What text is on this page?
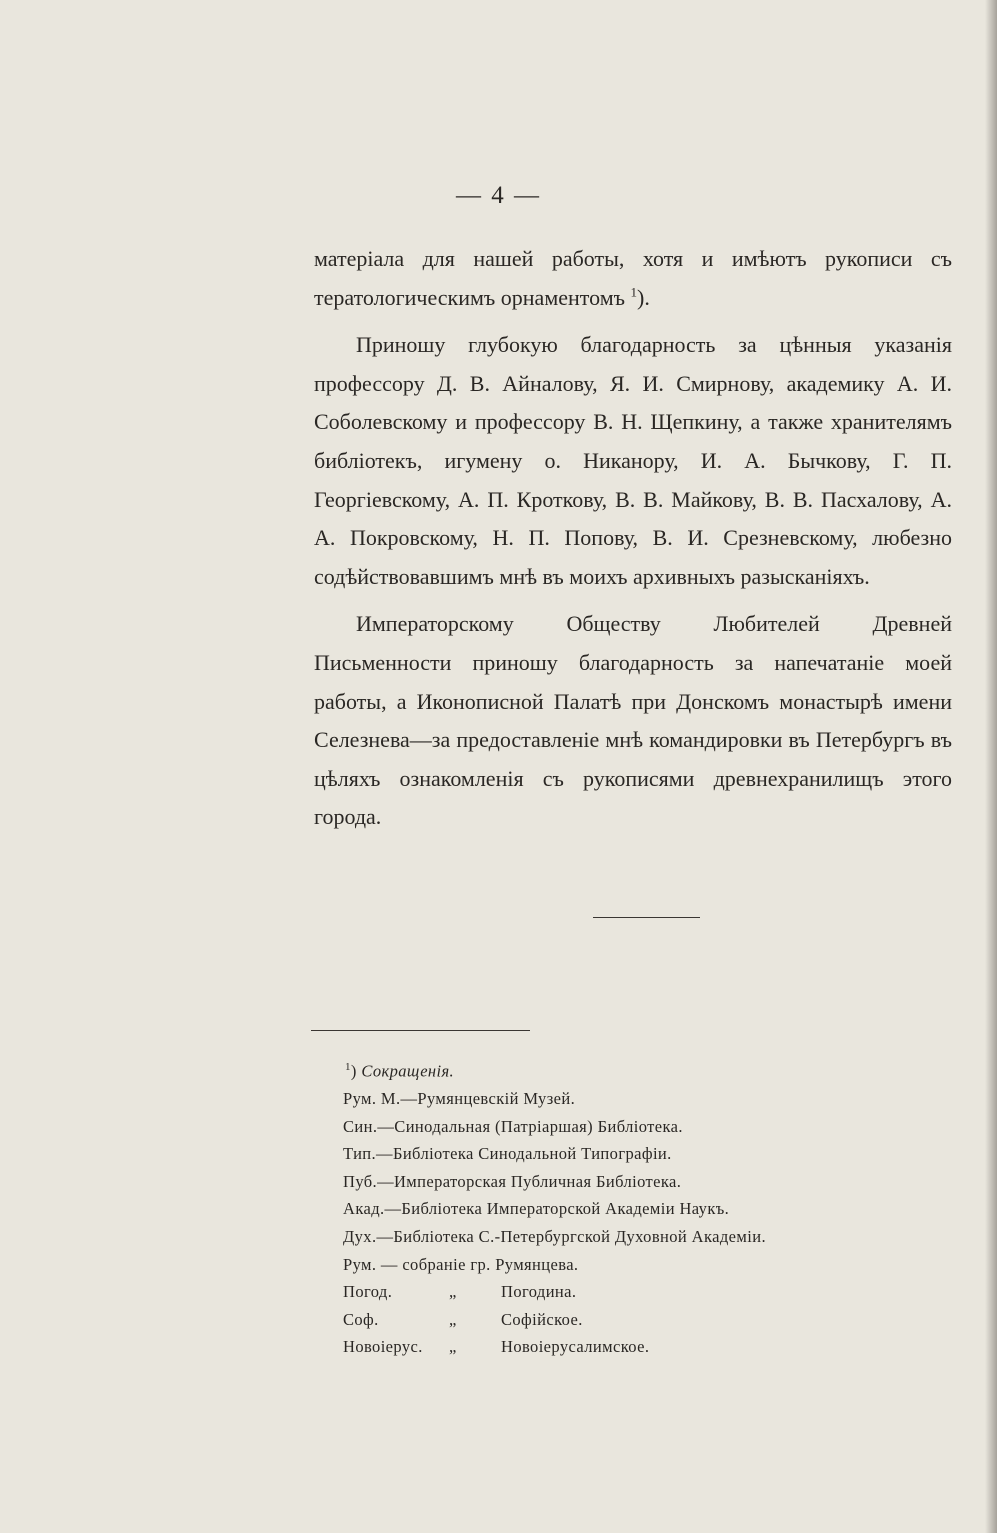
— 4 —

матеріала для нашей работы, хотя и имѣютъ рукописи съ тератологическимъ орнаментомъ $^1$).

Приношу глубокую благодарность за цѣнныя указанія профессору Д. В. Айналову, Я. И. Смирнову, академику А. И. Соболевскому и профессору В. Н. Щепкину, а также хранителямъ библіотекъ, игумену о. Никанору, И. А. Бычкову, Г. П. Георгіевскому, А. П. Кроткову, В. В. Майкову, В. В. Пасхалову, А. А. Покровскому, Н. П. Попову, В. И. Срезневскому, любезно содѣйствовавшимъ мнѣ въ моихъ архивныхъ разысканіяхъ.

Императорскому Обществу Любителей Древней Письменности приношу благодарность за напечатаніе моей работы, а Иконописной Палатѣ при Донскомъ монастырѣ имени Селезнева—за предоставленіе мнѣ командировки въ Петербургъ въ цѣляхъ ознакомленія съ рукописями древнехранилищъ этого города.

$^1$) Сокращенія.
Рум. М.—Румянцевскій Музей.
Син.—Синодальная (Патріаршая) Библіотека.
Тип.—Библіотека Синодальной Типографіи.
Пуб.—Императорская Публичная Библіотека.
Акад.—Библіотека Императорской Академіи Наукъ.
Дух.—Библіотека С.-Петербургской Духовной Академіи.
Рум. — собраніе гр. Румянцева.
Погод.	„	Погодина.
Соф.	„	Софійское.
Новоіерус.	„	Новоіерусалимское.
